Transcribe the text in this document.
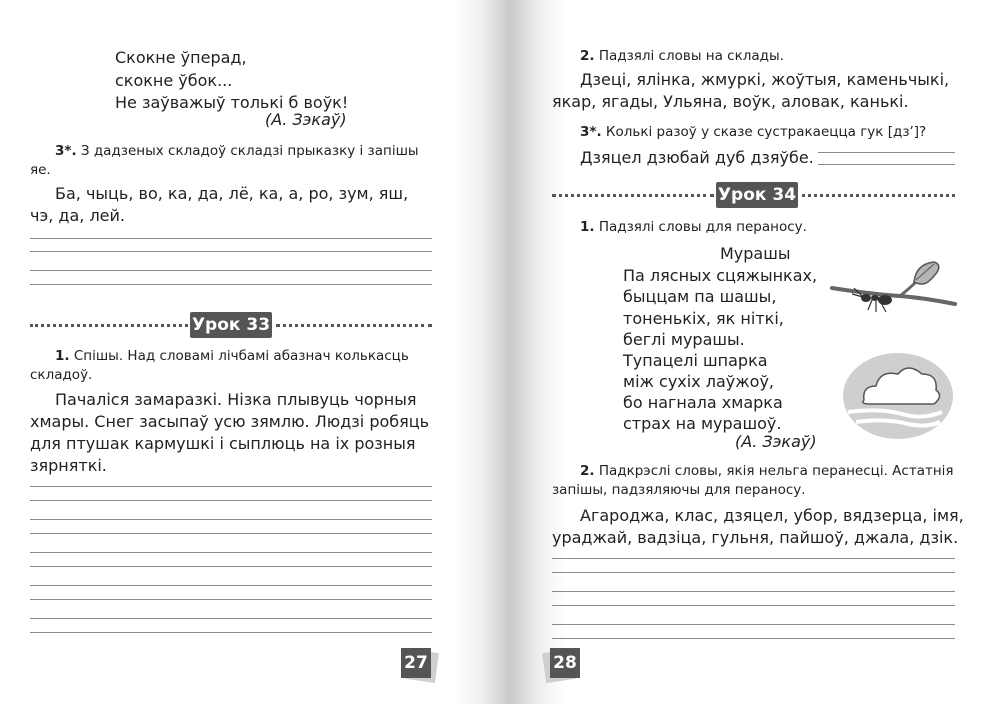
Скокне ўперад,
скокне ўбок...
Не заўважыў толькі б воўк!
(А. Зэкаў)
3*. З дадзеных складоў складзі прыказку і запішы
яе.
Ба, чыць, во, ка, да, лё, ка, а, ро, зум, яш,
чэ, да, лей.
Урок 33
1. Спішы. Над словамі лічбамі абазнач колькасць
складоў.
Пачаліся замаразкі. Нізка плывуць чорныя
хмары. Снег засыпаў усю зямлю. Людзі робяць
для птушак кармушкі і сыплюць на іх розныя
зярняткі.
27
2. Падзялі словы на склады.
Дзеці, ялінка, жмуркі, жоўтыя, каменьчыкі,
якар, ягады, Ульяна, воўк, аловак, канькі.
3*. Колькі разоў у сказе сустракаецца гук [дз’]?
Дзяцел дзюбай дуб дзяўбе.
Урок 34
1. Падзялі словы для пераносу.
Мурашы
Па лясных сцяжынках,
быццам па шашы,
тоненькіх, як ніткі,
беглі мурашы.
Тупацелі шпарка
між сухіх лаўжоў,
бо нагнала хмарка
страх на мурашоў.
(А. Зэкаў)
2. Падкрэслі словы, якія нельга перанесці. Астатнія
запішы, падзяляючы для пераносу.
Агароджа, клас, дзяцел, убор, вядзерца, імя,
ураджай, вадзіца, гульня, пайшоў, джала, дзік.
28
